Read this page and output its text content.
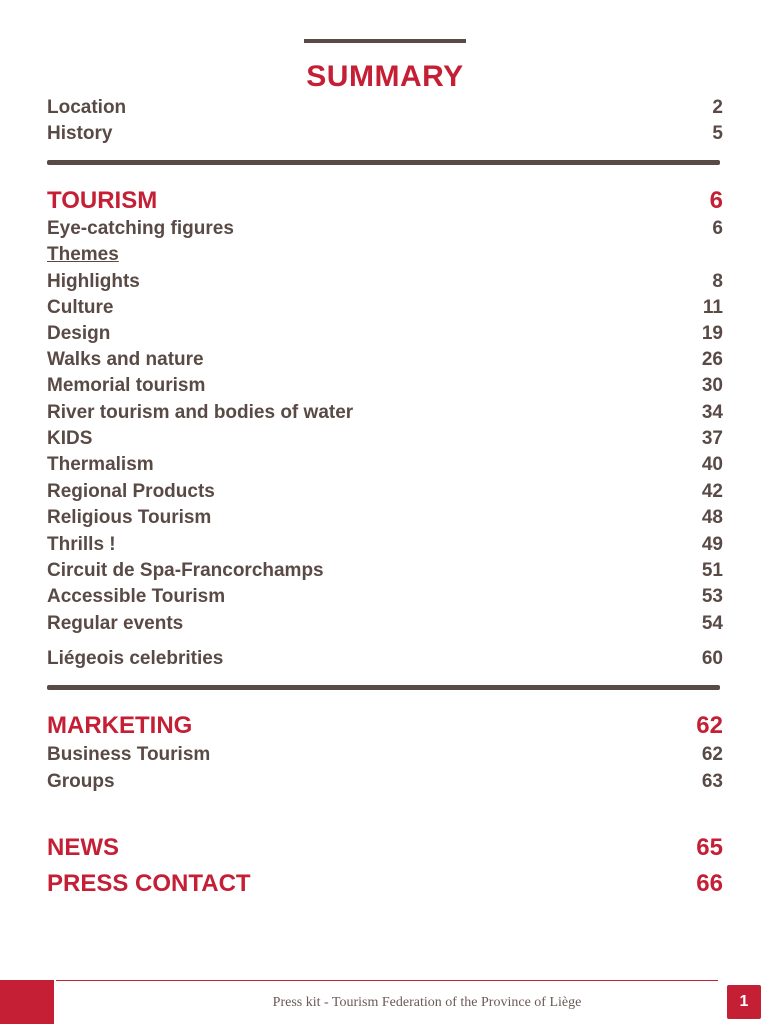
SUMMARY
Location	2
History	5
TOURISM	6
Eye-catching figures	6
Themes
Highlights	8
Culture	11
Design	19
Walks and nature	26
Memorial tourism	30
River tourism and bodies of water	34
KIDS	37
Thermalism	40
Regional Products	42
Religious Tourism	48
Thrills !	49
Circuit de Spa-Francorchamps	51
Accessible Tourism	53
Regular events	54
Liégeois celebrities	60
MARKETING	62
Business Tourism	62
Groups	63
NEWS	65
PRESS CONTACT	66
Press kit - Tourism Federation of the Province of Liège	1
